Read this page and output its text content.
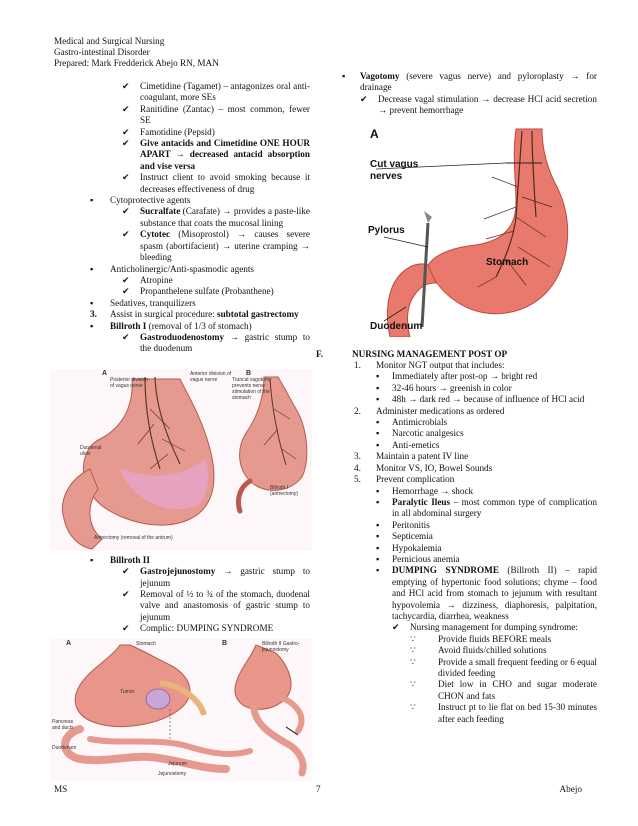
Medical and Surgical Nursing
Gastro-intestinal Disorder
Prepared: Mark Fredderick Abejo RN, MAN
✔	Cimetidine (Tagamet) – antagonizes oral anti-coagulant, more SEs
✔	Ranitidine (Zantac) – most common, fewer SE
✔	Famotidine (Pepsid)
✔	Give antacids and Cimetidine ONE HOUR APART → decreased antacid absorption and vise versa
✔	Instruct client to avoid smoking because it decreases effectiveness of drug
▪	Cytoprotective agents
✔	Sucralfate (Carafate) → provides a paste-like substance that coats the mucosal lining
✔	Cytotec (Misoprostol) → causes severe spasm (abortifacient) → uterine cramping → bleeding
▪	Anticholinergic/Anti-spasmodic agents
✔	Atropine
✔	Propanthelene sulfate (Probanthene)
▪	Sedatives, tranquilizers
3.	Assist in surgical procedure: subtotal gastrectomy
▪	Billroth I (removal of 1/3 of stomach)
✔	Gastroduodenostomy → gastric stump to the duodenum
A
Posterior division of vagus nerve
Anterior division of vagus nerve	Truncal vagotomy prevents nerve stimulation of the stomach
Duodenal ulcer
Antrectomy (removal of the antrum)
B
Billroth I (antrectomy)
▪	Billroth II
✔	Gastrojejunostomy → gastric stump to jejunum
✔	Removal of ½ to ¾ of the stomach, duodenal valve and anastomosis of gastric stump to jejunum
✔	Complic: DUMPING SYNDROME
A	Stomach
Tumor
Pancreas and ducts
Duodenum
B	Billroth II Gastro-jejunostomy
Jejunum
Jejunostomy
▪	Vagotomy (severe vagus nerve) and pyloroplasty → for drainage
✔	Decrease vagal stimulation → decrease HCl acid secretion → prevent hemorrhage
A
Cut vagus nerves
Pylorus
Stomach
Duodenum
F.	NURSING MANAGEMENT POST OP
1.	Monitor NGT output that includes:
▪	Immediately after post-op → bright red
▪	32-46 hours → greenish in color
▪	48h → dark red → because of influence of HCl acid
2.	Administer medications as ordered
▪	Antimicrobials
▪	Narcotic analgesics
▪	Anti-emetics
3.	Maintain a patent IV line
4.	Monitor VS, IO, Bowel Sounds
5.	Prevent complication
▪	Hemorrhage → shock
▪	Paralytic Ileus – most common type of complication in all abdominal surgery
▪	Peritonitis
▪	Septicemia
▪	Hypokalemia
▪	Pernicious anemia
▪	DUMPING SYNDROME (Billroth II) – rapid emptying of hypertonic food solutions; chyme – food and HCl acid from stomach to jejunum with resultant hypovolemia → dizziness, diaphoresis, palpitation, tachycardia, diarrhea, weakness
✔	Nursing management for dumping syndrome:
∵	Provide fluids BEFORE meals
∵	Avoid fluids/chilled solutions
∵	Provide a small frequent feeding or 6 equal divided feeding
∵	Diet low in CHO and sugar moderate CHON and fats
∵	Instruct pt to lie flat on bed 15-30 minutes after each feeding
MS	7	Abejo
